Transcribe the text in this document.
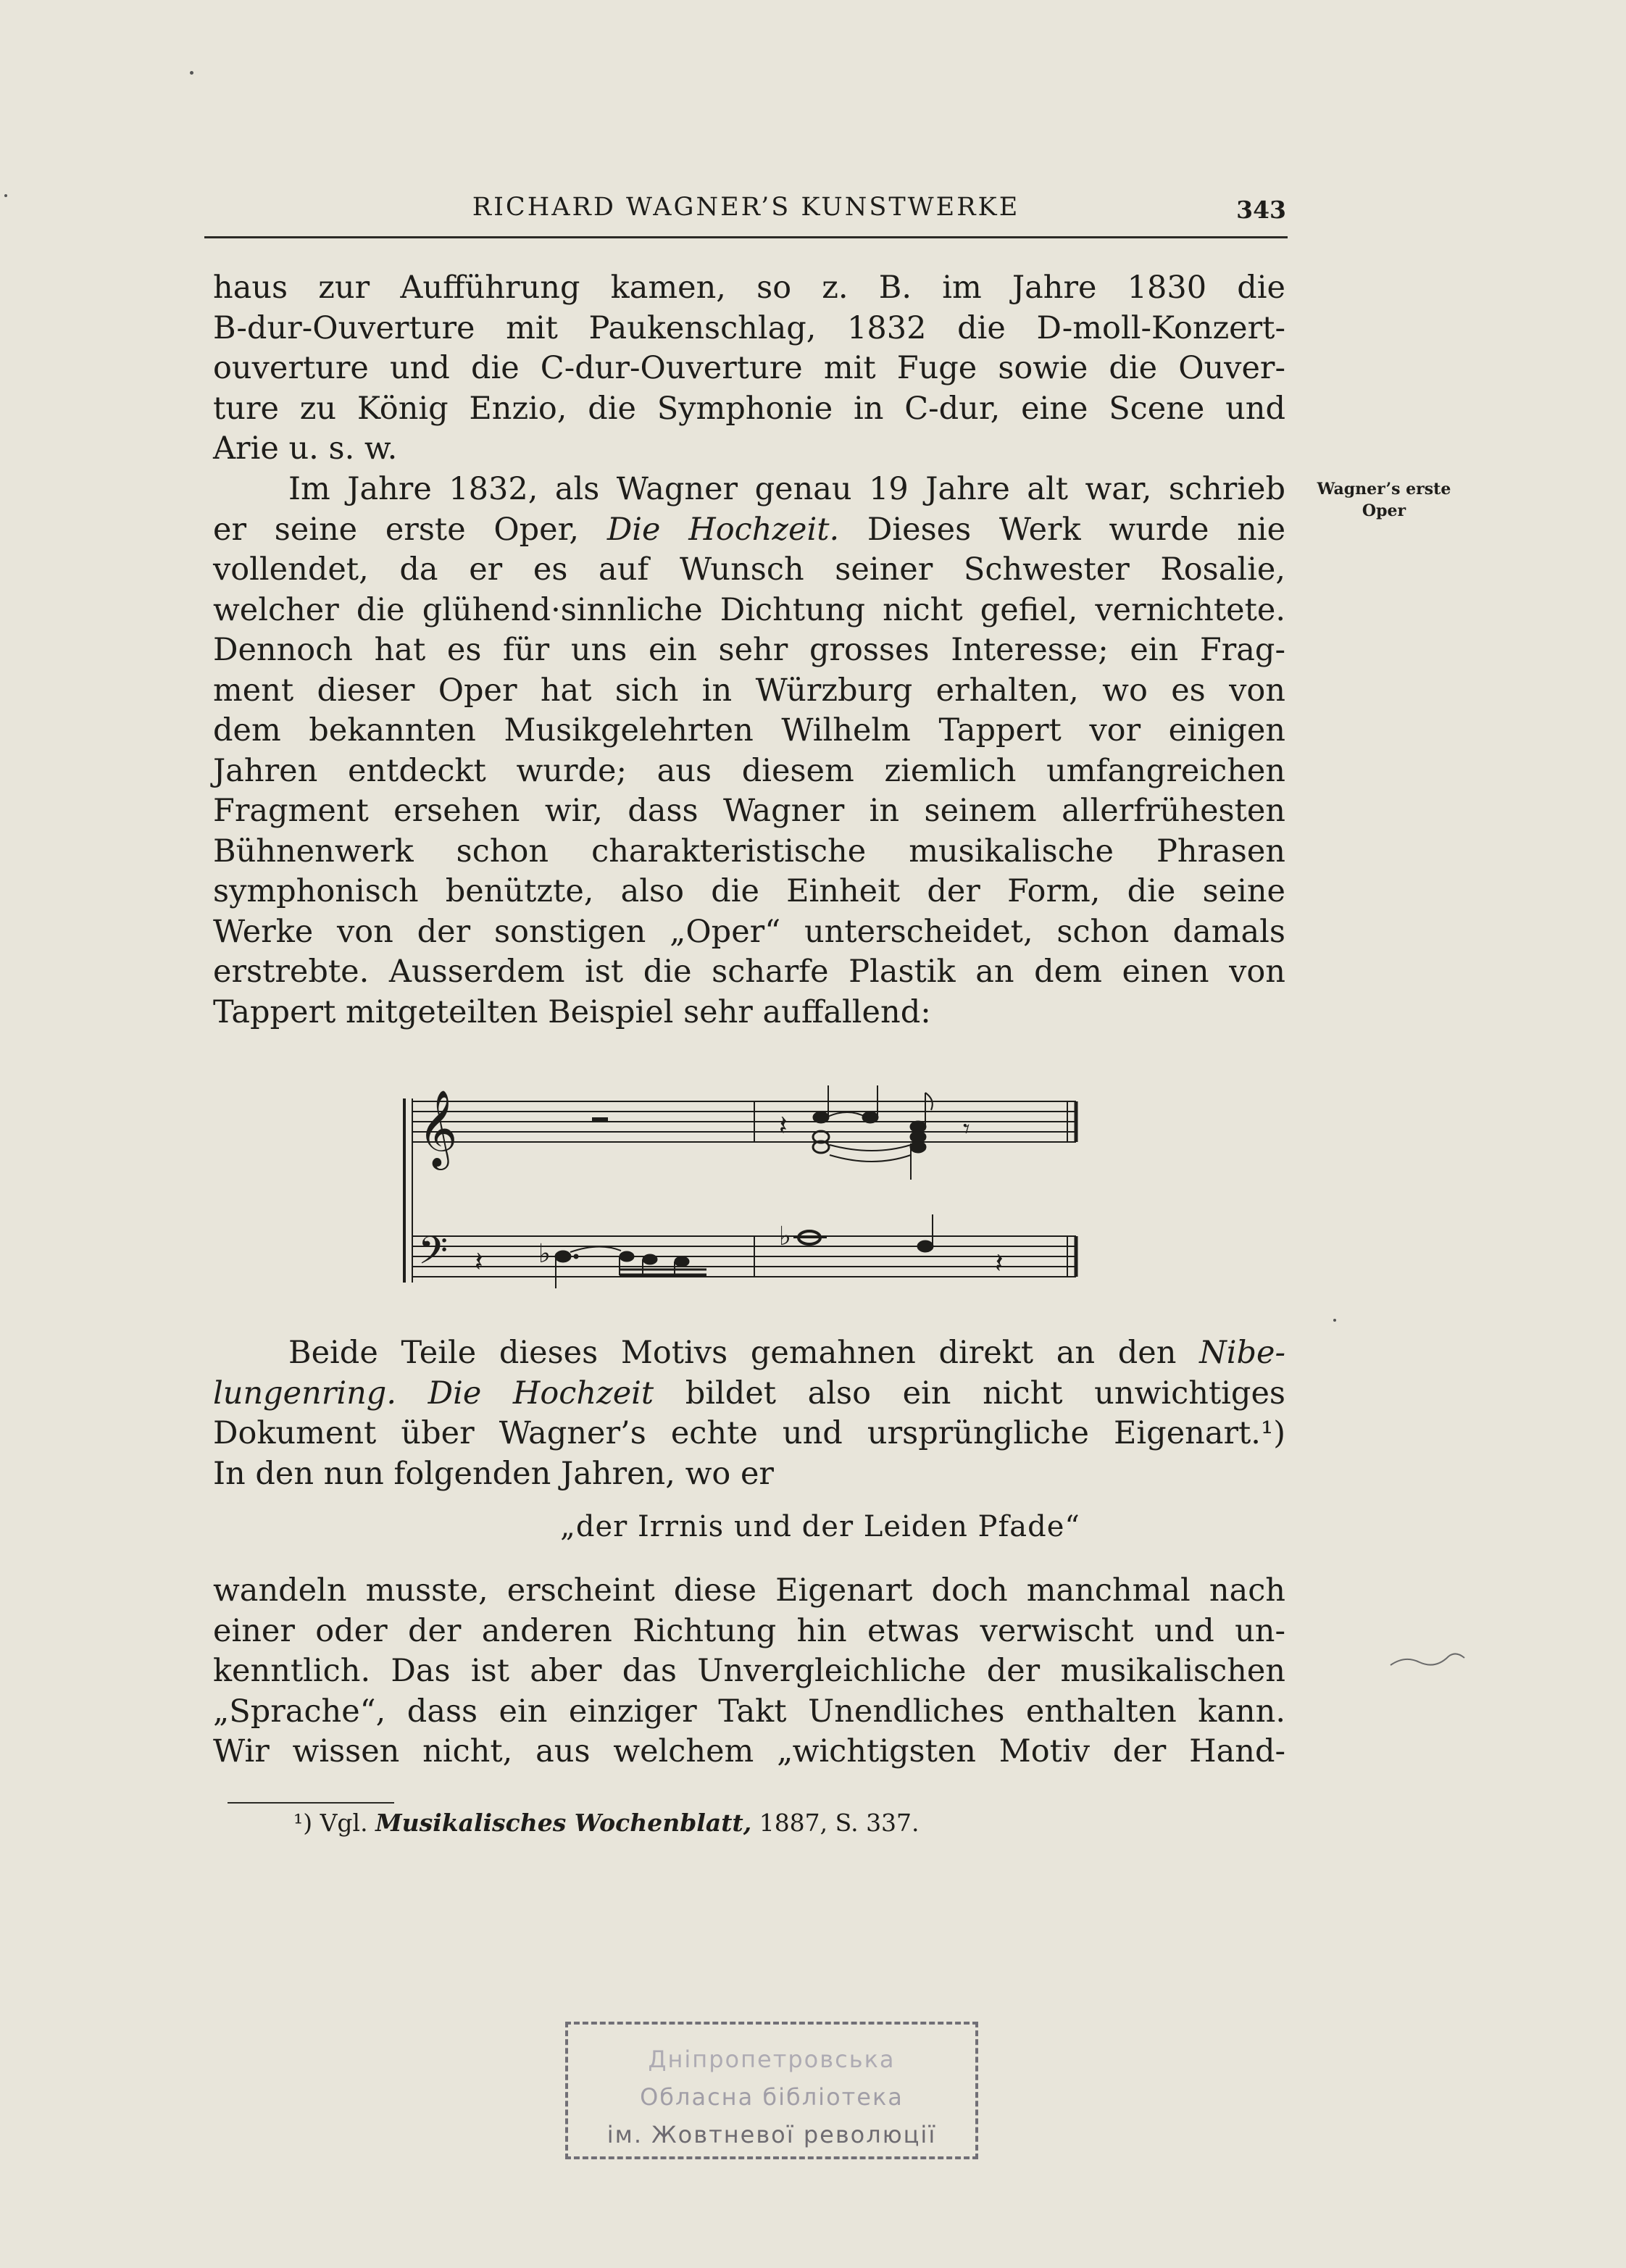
RICHARD WAGNER’S KUNSTWERKE	343
haus zur Aufführung kamen, so z. B. im Jahre 1830 die
B-dur-Ouverture mit Paukenschlag, 1832 die D-moll-Konzert-
ouverture und die C-dur-Ouverture mit Fuge sowie die Ouver-
ture zu König Enzio, die Symphonie in C-dur, eine Scene und
Arie u. s. w.
Im Jahre 1832, als Wagner genau 19 Jahre alt war, schrieb
er seine erste Oper, Die Hochzeit. Dieses Werk wurde nie
vollendet, da er es auf Wunsch seiner Schwester Rosalie,
welcher die glühend·sinnliche Dichtung nicht gefiel, vernichtete.
Dennoch hat es für uns ein sehr grosses Interesse; ein Frag-
ment dieser Oper hat sich in Würzburg erhalten, wo es von
dem bekannten Musikgelehrten Wilhelm Tappert vor einigen
Jahren entdeckt wurde; aus diesem ziemlich umfangreichen
Fragment ersehen wir, dass Wagner in seinem allerfrühesten
Bühnenwerk schon charakteristische musikalische Phrasen
symphonisch benützte, also die Einheit der Form, die seine
Werke von der sonstigen „Oper“ unterscheidet, schon damals
erstrebte. Ausserdem ist die scharfe Plastik an dem einen von
Tappert mitgeteilten Beispiel sehr auffallend:
Wagner’s erste
Oper
𝄞
𝄢
𝄽	𝄾
𝄽 ♭
♭
𝄽
Beide Teile dieses Motivs gemahnen direkt an den Nibe-
lungenring. Die Hochzeit bildet also ein nicht unwichtiges
Dokument über Wagner’s echte und ursprüngliche Eigenart.¹)
In den nun folgenden Jahren, wo er
„der Irrnis und der Leiden Pfade“
wandeln musste, erscheint diese Eigenart doch manchmal nach
einer oder der anderen Richtung hin etwas verwischt und un-
kenntlich. Das ist aber das Unvergleichliche der musikalischen
„Sprache“, dass ein einziger Takt Unendliches enthalten kann.
Wir wissen nicht, aus welchem „wichtigsten Motiv der Hand-
¹) Vgl. Musikalisches Wochenblatt, 1887, S. 337.
Дніпропетровська
Обласна бібліотека
ім. Жовтневої революції
